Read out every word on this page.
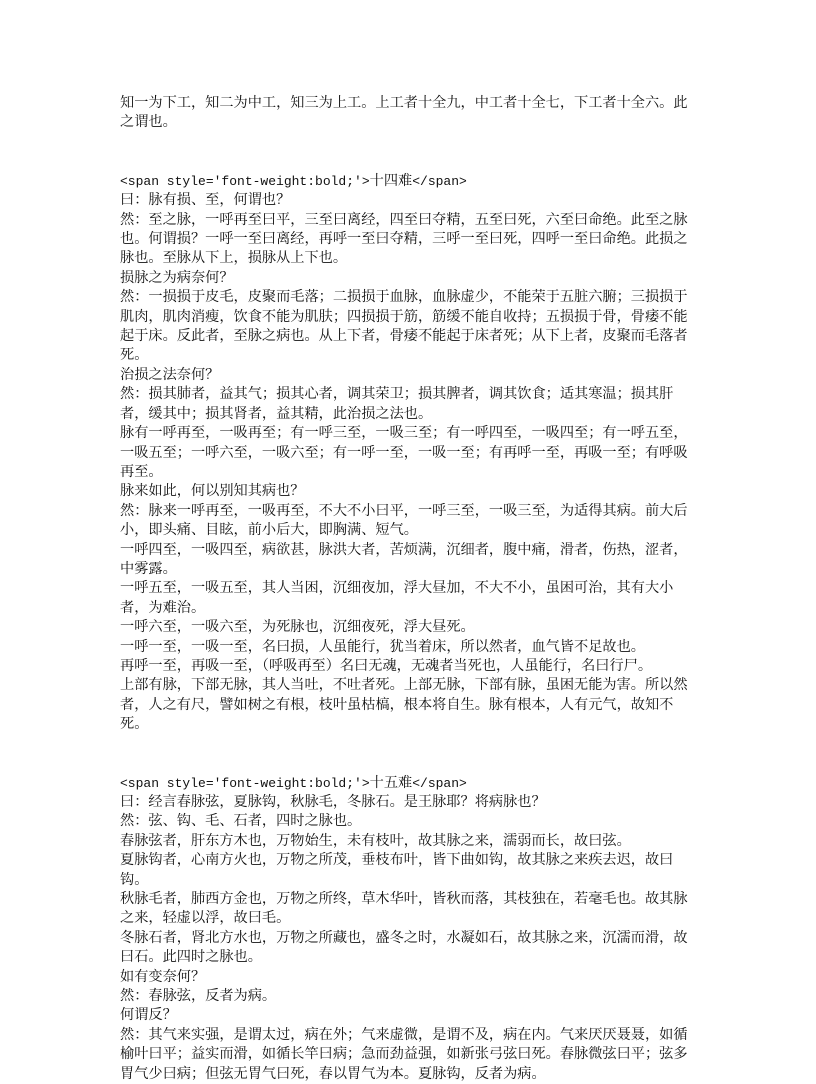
知一为下工，知二为中工，知三为上工。上工者十全九，中工者十全七，下工者十全六。此之谓也。
<span style='font-weight:bold;'>十四难</span>
曰：脉有损、至，何谓也？
然：至之脉，一呼再至曰平，三至曰离经，四至曰夺精，五至曰死，六至曰命绝。此至之脉也。何谓损？一呼一至曰离经，再呼一至曰夺精，三呼一至曰死，四呼一至曰命绝。此损之脉也。至脉从下上，损脉从上下也。
损脉之为病奈何？
然：一损损于皮毛，皮聚而毛落；二损损于血脉，血脉虚少，不能荣于五脏六腑；三损损于肌肉，肌肉消瘦，饮食不能为肌肤；四损损于筋，筋缓不能自收持；五损损于骨，骨痿不能起于床。反此者，至脉之病也。从上下者，骨痿不能起于床者死；从下上者，皮聚而毛落者死。
治损之法奈何？
然：损其肺者，益其气；损其心者，调其荣卫；损其脾者，调其饮食；适其寒温；损其肝者，缓其中；损其肾者，益其精，此治损之法也。
脉有一呼再至，一吸再至；有一呼三至，一吸三至；有一呼四至，一吸四至；有一呼五至，一吸五至；一呼六至，一吸六至；有一呼一至，一吸一至；有再呼一至，再吸一至；有呼吸再至。
脉来如此，何以别知其病也？
然：脉来一呼再至，一吸再至，不大不小曰平，一呼三至，一吸三至，为适得其病。前大后小，即头痛、目眩，前小后大，即胸满、短气。
一呼四至，一吸四至，病欲甚，脉洪大者，苦烦满，沉细者，腹中痛，滑者，伤热，涩者，中雾露。
一呼五至，一吸五至，其人当困，沉细夜加，浮大昼加，不大不小，虽困可治，其有大小者，为难治。
一呼六至，一吸六至，为死脉也，沉细夜死，浮大昼死。
一呼一至，一吸一至，名曰损，人虽能行，犹当着床，所以然者，血气皆不足故也。
再呼一至，再吸一至，（呼吸再至）名曰无魂，无魂者当死也，人虽能行，名曰行尸。
上部有脉，下部无脉，其人当吐，不吐者死。上部无脉，下部有脉，虽困无能为害。所以然者，人之有尺，譬如树之有根，枝叶虽枯槁，根本将自生。脉有根本，人有元气，故知不死。
<span style='font-weight:bold;'>十五难</span>
曰：经言春脉弦，夏脉钩，秋脉毛，冬脉石。是王脉耶？将病脉也？
然：弦、钩、毛、石者，四时之脉也。
春脉弦者，肝东方木也，万物始生，未有枝叶，故其脉之来，濡弱而长，故曰弦。
夏脉钩者，心南方火也，万物之所茂，垂枝布叶，皆下曲如钩，故其脉之来疾去迟，故曰钩。
秋脉毛者，肺西方金也，万物之所终，草木华叶，皆秋而落，其枝独在，若毫毛也。故其脉之来，轻虚以浮，故曰毛。
冬脉石者，肾北方水也，万物之所藏也，盛冬之时，水凝如石，故其脉之来，沉濡而滑，故曰石。此四时之脉也。
如有变奈何？
然：春脉弦，反者为病。
何谓反？
然：其气来实强，是谓太过，病在外；气来虚微，是谓不及，病在内。气来厌厌聂聂，如循榆叶曰平；益实而滑，如循长竿曰病；急而劲益强，如新张弓弦曰死。春脉微弦曰平；弦多胃气少曰病；但弦无胃气曰死，春以胃气为本。夏脉钩，反者为病。
